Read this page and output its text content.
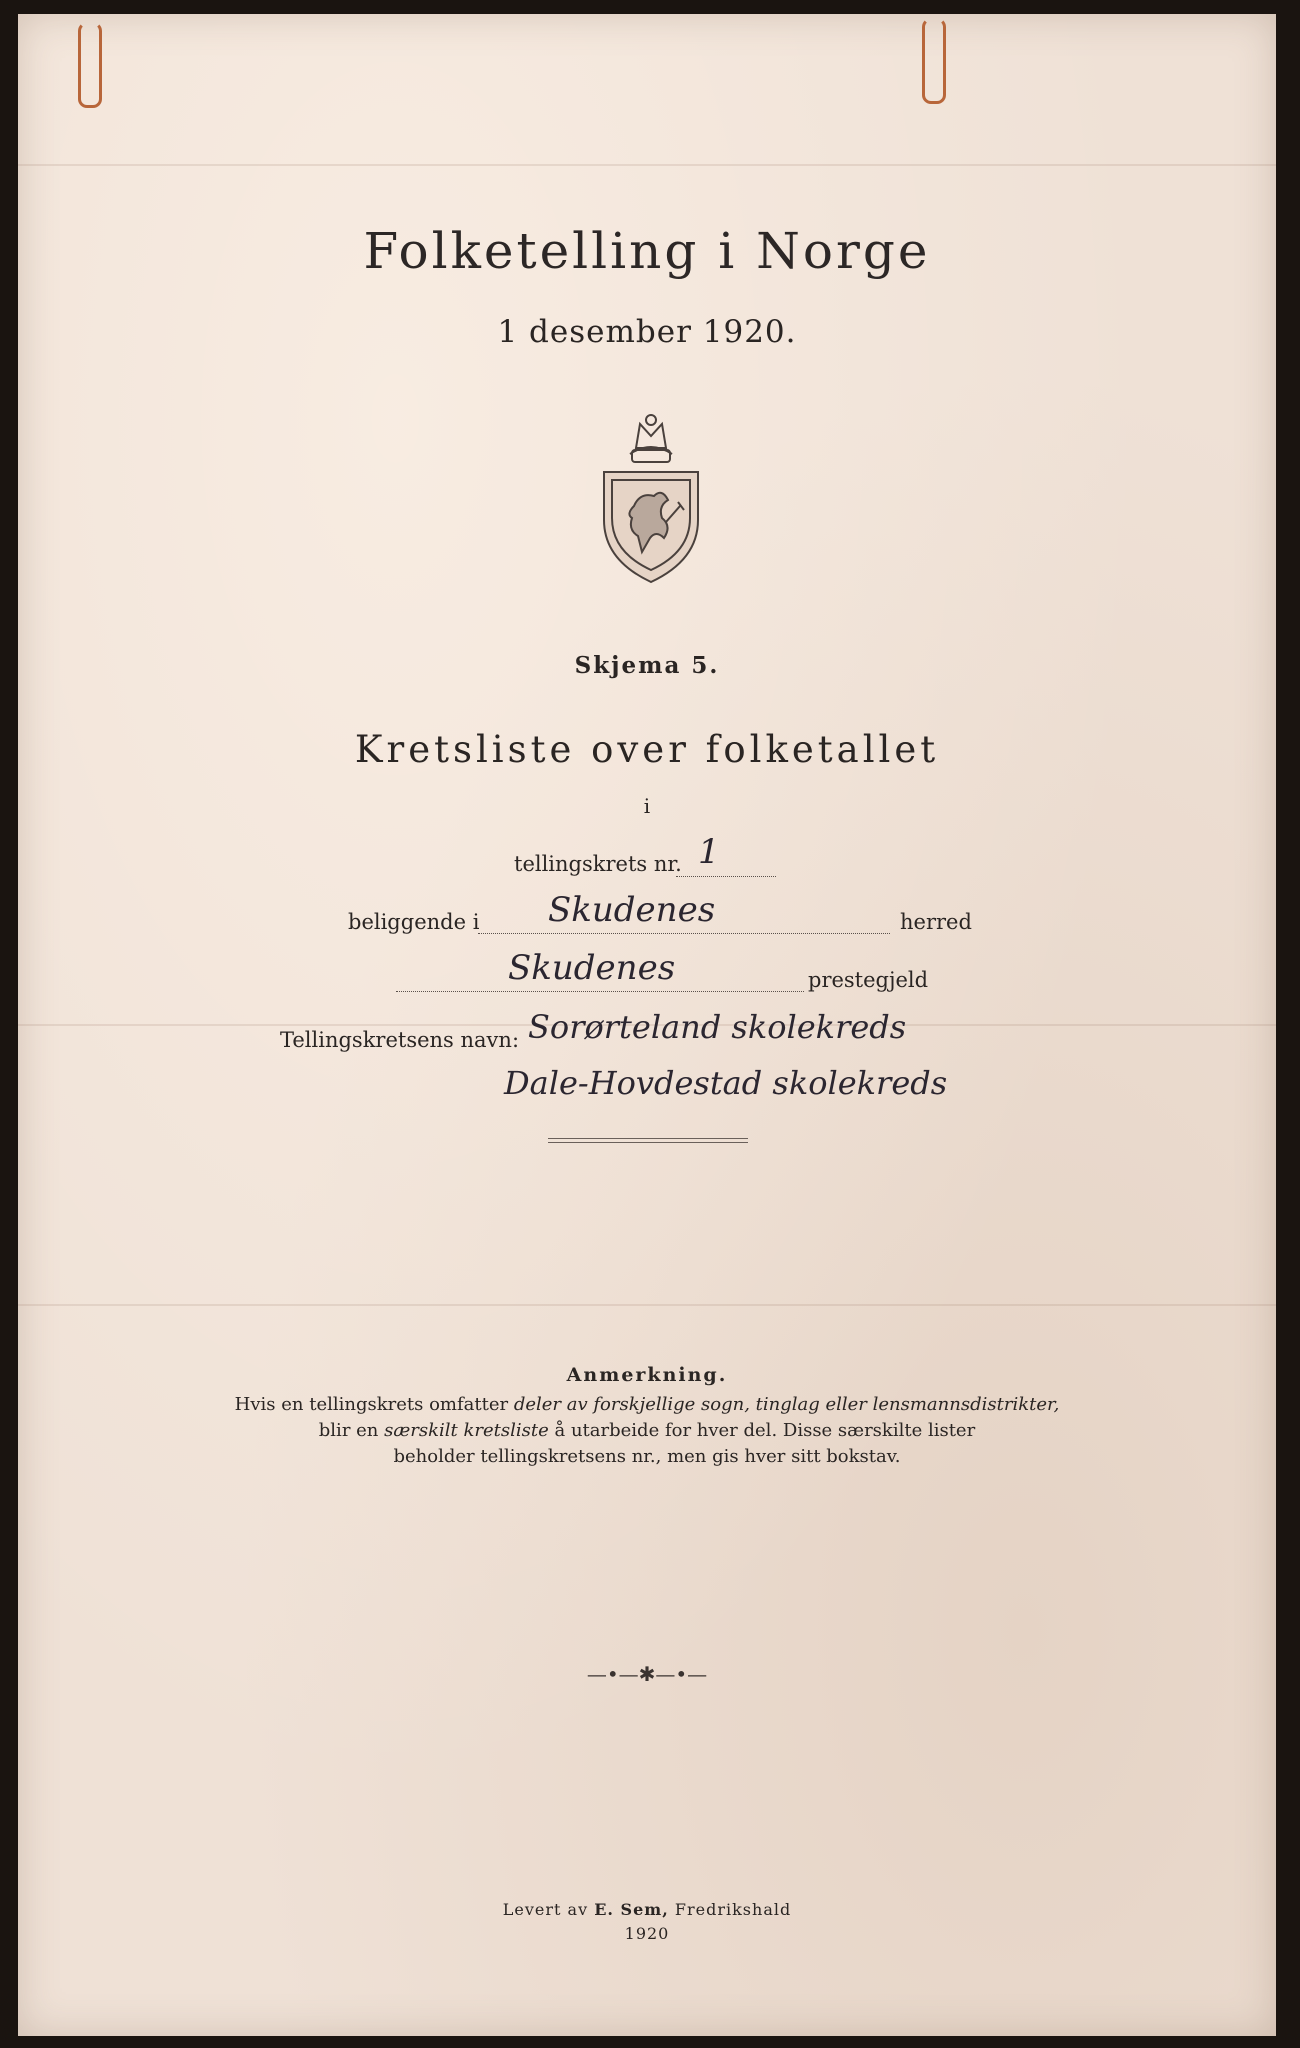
Folketelling i Norge
1 desember 1920.
Skjema 5.
Kretsliste over folketallet
i
tellingskrets nr. 1
beliggende i Skudenes	herred
Skudenes	prestegjeld
Tellingskretsens navn: Sorørteland skolekreds
Dale-Hovdestad skolekreds
Anmerkning.
Hvis en tellingskrets omfatter deler av forskjellige sogn, tinglag eller lensmannsdistrikter,
blir en særskilt kretsliste å utarbeide for hver del. Disse særskilte lister
beholder tellingskretsens nr., men gis hver sitt bokstav.
—•—✱—•—
Levert av E. Sem, Fredrikshald
1920
